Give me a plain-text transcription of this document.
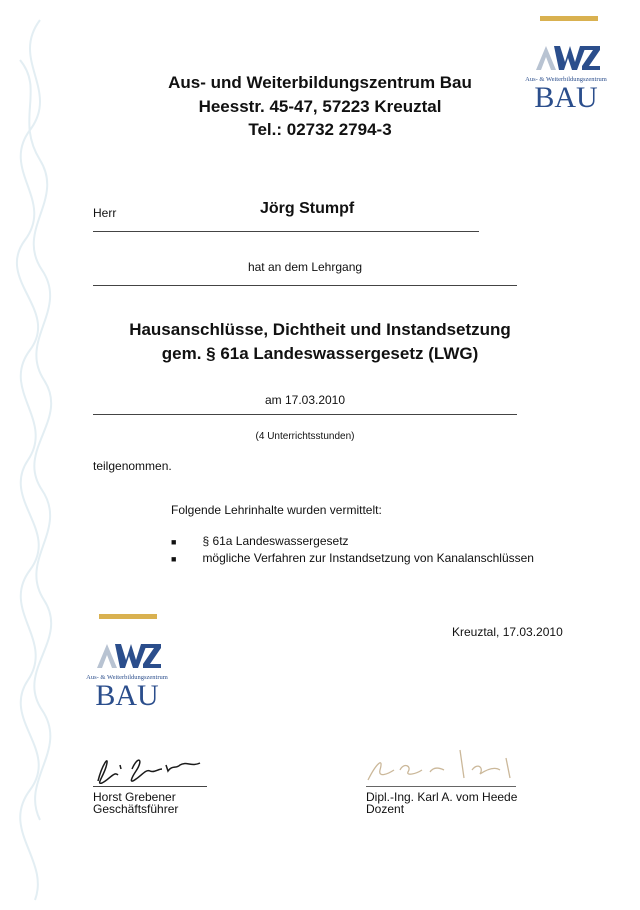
Aus- & Weiterbildungszentrum
BAU
Aus- und Weiterbildungszentrum Bau
Heesstr. 45-47, 57223 Kreuztal
Tel.: 02732 2794-3
Herr	Jörg Stumpf
hat an dem Lehrgang
Hausanschlüsse, Dichtheit und Instandsetzung
gem. § 61a Landeswassergesetz (LWG)
am 17.03.2010
(4 Unterrichtsstunden)
teilgenommen.
Folgende Lehrinhalte wurden vermittelt:
■ § 61a Landeswassergesetz
■ mögliche Verfahren zur Instandsetzung von Kanalanschlüssen
Aus- & Weiterbildungszentrum
BAU
Kreuztal, 17.03.2010
Horst Grebener
Geschäftsführer
Dipl.-Ing. Karl A. vom Heede
Dozent
